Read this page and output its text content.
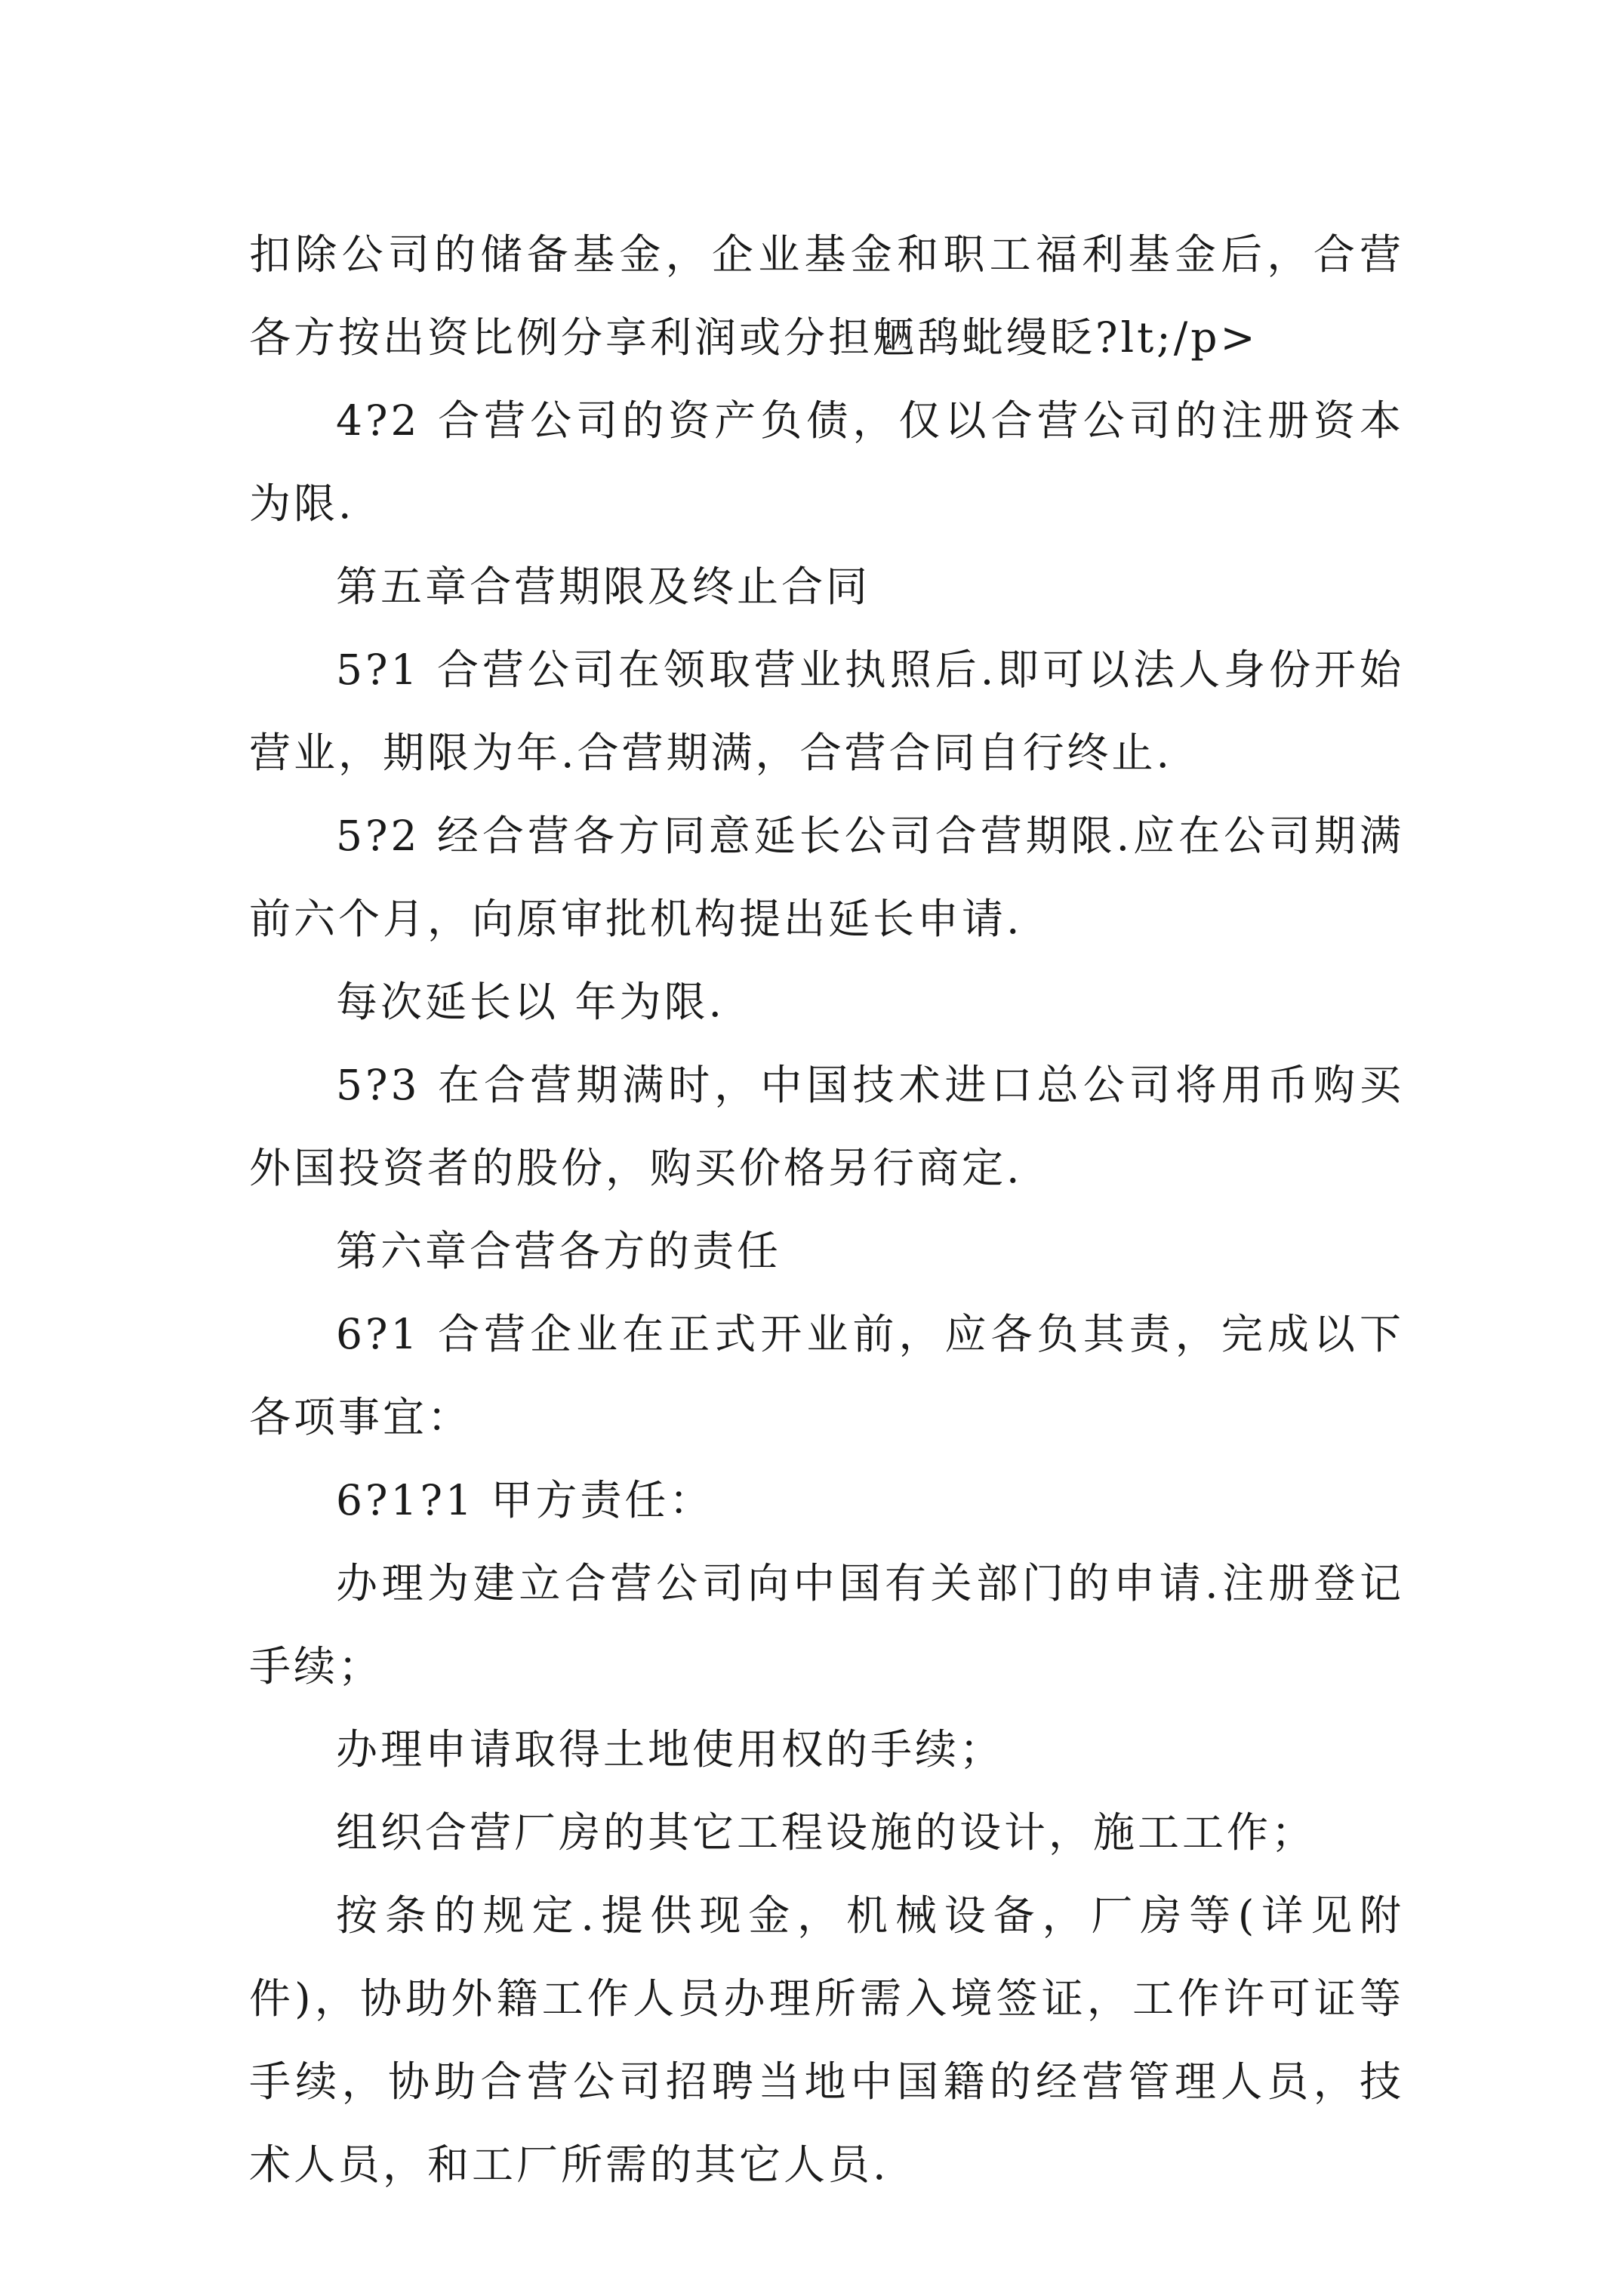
扣除公司的储备基金，企业基金和职工福利基金后，合营各方按出资比例分享利润或分担魉鸹蚍缦眨?lt;/p>

4?2 合营公司的资产负债，仅以合营公司的注册资本为限.

第五章合营期限及终止合同

5?1 合营公司在领取营业执照后.即可以法人身份开始营业，期限为年.合营期满，合营合同自行终止.

5?2 经合营各方同意延长公司合营期限.应在公司期满前六个月，向原审批机构提出延长申请.

每次延长以 年为限.

5?3 在合营期满时，中国技术进口总公司将用币购买外国投资者的股份，购买价格另行商定.

第六章合营各方的责任

6?1 合营企业在正式开业前，应各负其责，完成以下各项事宜：

6?1?1 甲方责任：

办理为建立合营公司向中国有关部门的申请.注册登记手续；

办理申请取得土地使用权的手续；

组织合营厂房的其它工程设施的设计，施工工作；

按条的规定.提供现金，机械设备，厂房等(详见附件)，协助外籍工作人员办理所需入境签证，工作许可证等手续，协助合营公司招聘当地中国籍的经营管理人员，技术人员，和工厂所需的其它人员.
